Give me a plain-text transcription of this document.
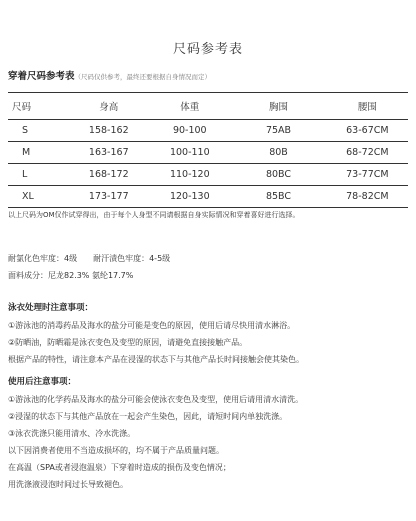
尺码参考表
穿着尺码参考表（尺码仅供参考，最终还要根据自身情况而定）
尺码	身高	体重	胸围	腰围
S	158-162	90-100	75AB	63-67CM
M	163-167	100-110	80B	68-72CM
L	168-172	110-120	80BC	73-77CM
XL	173-177	120-130	85BC	78-82CM
以上尺码为OM仅作试穿得出，由于每个人身型不同请根据自身实际情况和穿着喜好进行选择。
耐氯化色牢度：4级 耐汗渍色牢度：4-5级
面料成分：尼龙82.3% 氨纶17.7%
泳衣处理时注意事项：
①游泳池的消毒药品及海水的盐分可能是变色的原因，使用后请尽快用清水淋浴。
②防晒油，防晒霜是泳衣变色及变型的原因，请避免直接接触产品。
根据产品的特性，请注意本产品在浸湿的状态下与其他产品长时间接触会使其染色。
使用后注意事项：
①游泳池的化学药品及海水的盐分可能会使泳衣变色及变型，使用后请用清水清洗。
②浸湿的状态下与其他产品放在一起会产生染色，因此，请短时间内单独洗涤。
③泳衣洗涤只能用清水、冷水洗涤。
以下因消费者使用不当造成损坏的，均不属于产品质量问题。
在高温（SPA或者浸泡温泉）下穿着时造成的损伤及变色情况；
用洗涤液浸泡时间过长导致褪色。
